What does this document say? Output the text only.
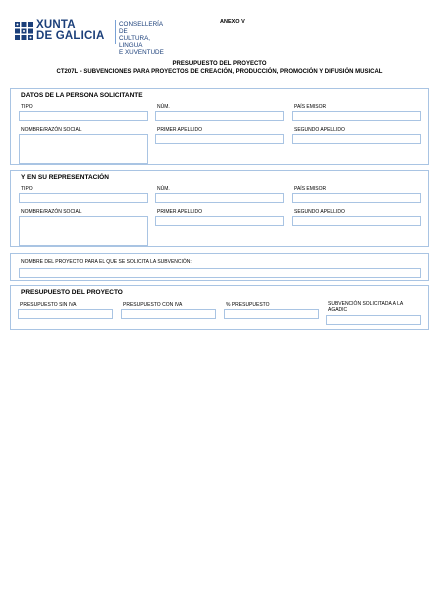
XUNTA
DE GALICIA
CONSELLERÍA DE
CULTURA, LINGUA
E XUVENTUDE
ANEXO V
PRESUPUESTO DEL PROYECTO
CT207L - SUBVENCIONES PARA PROYECTOS DE CREACIÓN, PRODUCCIÓN, PROMOCIÓN Y DIFUSIÓN MUSICAL
DATOS DE LA PERSONA SOLICITANTE
TIPO	NÚM.	PAÍS EMISOR
NOMBRE/RAZÓN SOCIAL	PRIMER APELLIDO	SEGUNDO APELLIDO
Y EN SU REPRESENTACIÓN
TIPO	NÚM.	PAÍS EMISOR
NOMBRE/RAZÓN SOCIAL	PRIMER APELLIDO	SEGUNDO APELLIDO
NOMBRE DEL PROYECTO PARA EL QUE SE SOLICITA LA SUBVENCIÓN:
PRESUPUESTO DEL PROYECTO
PRESUPUESTO SIN IVA	PRESUPUESTO CON IVA	% PRESUPUESTO	SUBVENCIÓN SOLICITADA A LA
AGADIC
